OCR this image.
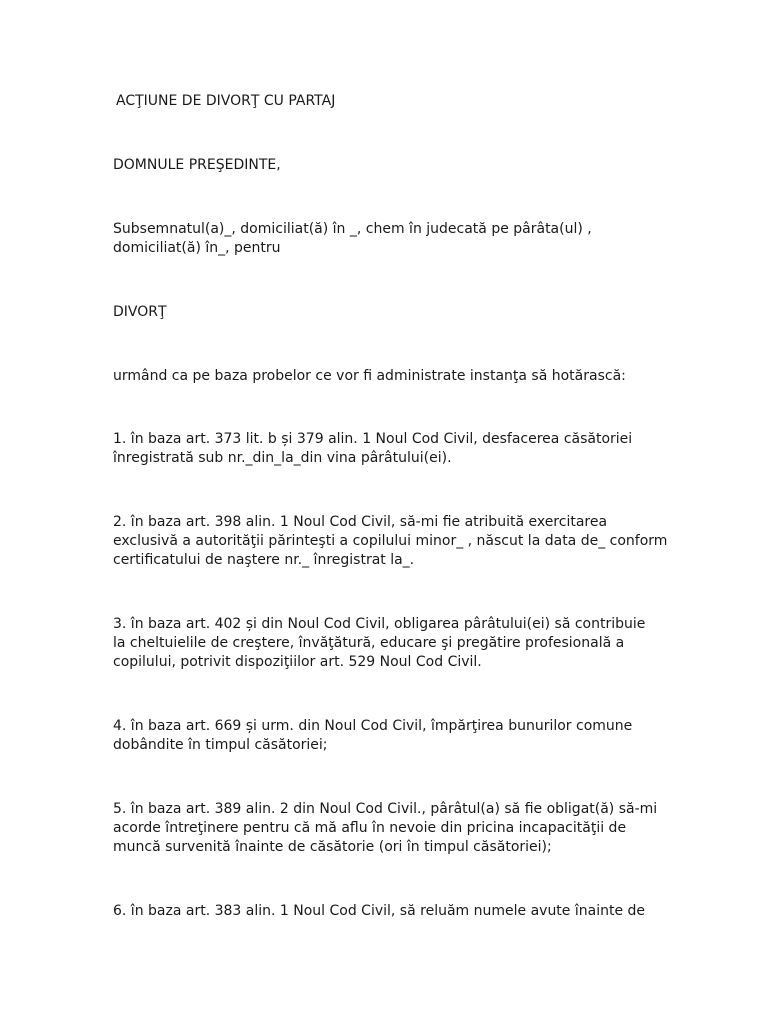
ACŢIUNE DE DIVORŢ CU PARTAJ

DOMNULE PREŞEDINTE,

Subsemnatul(a)_, domiciliat(ă) în _, chem în judecată pe pârâta(ul) ,

domiciliat(ă) în_, pentru

DIVORŢ

urmând ca pe baza probelor ce vor fi administrate instanţa să hotărască:

1. în baza art. 373 lit. b și 379 alin. 1 Noul Cod Civil, desfacerea căsătoriei

înregistrată sub nr._din_la_din vina pârâtului(ei).

2. în baza art. 398 alin. 1 Noul Cod Civil, să-mi fie atribuită exercitarea

exclusivă a autorităţii părinteşti a copilului minor_ , născut la data de_ conform

certificatului de naştere nr._ înregistrat la_.

3. în baza art. 402 și din Noul Cod Civil, obligarea pârâtului(ei) să contribuie

la cheltuielile de creştere, învăţătură, educare şi pregătire profesională a

copilului, potrivit dispoziţiilor art. 529 Noul Cod Civil.

4. în baza art. 669 și urm. din Noul Cod Civil, împărţirea bunurilor comune

dobândite în timpul căsătoriei;

5. în baza art. 389 alin. 2 din Noul Cod Civil., pârâtul(a) să fie obligat(ă) să-mi

acorde întreţinere pentru că mă aflu în nevoie din pricina incapacităţii de

muncă survenită înainte de căsătorie (ori în timpul căsătoriei);

6. în baza art. 383 alin. 1 Noul Cod Civil, să reluăm numele avute înainte de
